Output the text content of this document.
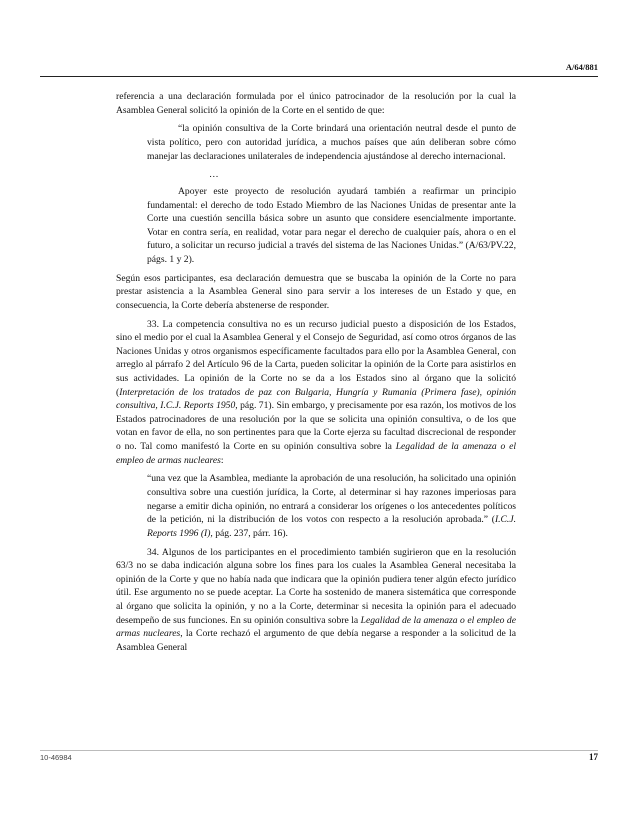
A/64/881

referencia a una declaración formulada por el único patrocinador de la resolución por la cual la Asamblea General solicitó la opinión de la Corte en el sentido de que:

“la opinión consultiva de la Corte brindará una orientación neutral desde el punto de vista político, pero con autoridad jurídica, a muchos países que aún deliberan sobre cómo manejar las declaraciones unilaterales de independencia ajustándose al derecho internacional.

…

Apoyer este proyecto de resolución ayudará también a reafirmar un principio fundamental: el derecho de todo Estado Miembro de las Naciones Unidas de presentar ante la Corte una cuestión sencilla básica sobre un asunto que considere esencialmente importante. Votar en contra sería, en realidad, votar para negar el derecho de cualquier país, ahora o en el futuro, a solicitar un recurso judicial a través del sistema de las Naciones Unidas.” (A/63/PV.22, págs. 1 y 2).

Según esos participantes, esa declaración demuestra que se buscaba la opinión de la Corte no para prestar asistencia a la Asamblea General sino para servir a los intereses de un Estado y que, en consecuencia, la Corte debería abstenerse de responder.

33. La competencia consultiva no es un recurso judicial puesto a disposición de los Estados, sino el medio por el cual la Asamblea General y el Consejo de Seguridad, así como otros órganos de las Naciones Unidas y otros organismos específicamente facultados para ello por la Asamblea General, con arreglo al párrafo 2 del Artículo 96 de la Carta, pueden solicitar la opinión de la Corte para asistirlos en sus actividades. La opinión de la Corte no se da a los Estados sino al órgano que la solicitó (Interpretación de los tratados de paz con Bulgaria, Hungría y Rumania (Primera fase), opinión consultiva, I.C.J. Reports 1950, pág. 71). Sin embargo, y precisamente por esa razón, los motivos de los Estados patrocinadores de una resolución por la que se solicita una opinión consultiva, o de los que votan en favor de ella, no son pertinentes para que la Corte ejerza su facultad discrecional de responder o no. Tal como manifestó la Corte en su opinión consultiva sobre la Legalidad de la amenaza o el empleo de armas nucleares:

“una vez que la Asamblea, mediante la aprobación de una resolución, ha solicitado una opinión consultiva sobre una cuestión jurídica, la Corte, al determinar si hay razones imperiosas para negarse a emitir dicha opinión, no entrará a considerar los orígenes o los antecedentes políticos de la petición, ni la distribución de los votos con respecto a la resolución aprobada.” (I.C.J. Reports 1996 (I), pág. 237, párr. 16).

34. Algunos de los participantes en el procedimiento también sugirieron que en la resolución 63/3 no se daba indicación alguna sobre los fines para los cuales la Asamblea General necesitaba la opinión de la Corte y que no había nada que indicara que la opinión pudiera tener algún efecto jurídico útil. Ese argumento no se puede aceptar. La Corte ha sostenido de manera sistemática que corresponde al órgano que solicita la opinión, y no a la Corte, determinar si necesita la opinión para el adecuado desempeño de sus funciones. En su opinión consultiva sobre la Legalidad de la amenaza o el empleo de armas nucleares, la Corte rechazó el argumento de que debía negarse a responder a la solicitud de la Asamblea General

10-46984	17
